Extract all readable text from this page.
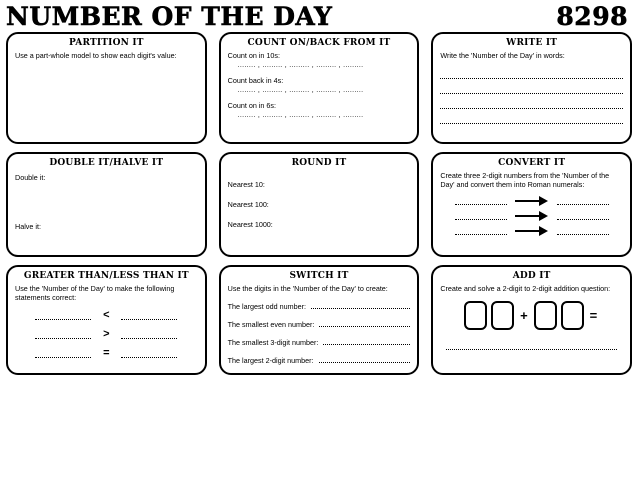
NUMBER OF THE DAY	8298
PARTITION IT
Use a part-whole model to show each digit's value:
COUNT ON/BACK FROM IT
Count on in 10s:
........ , ......... , ......... , ......... , .........
Count back in 4s:
........ , ......... , ......... , ......... , .........
Count on in 6s:
........ , ......... , ......... , ......... , .........
WRITE IT
Write the 'Number of the Day' in words:
DOUBLE IT/HALVE IT
Double it:
Halve it:
ROUND IT
Nearest 10:
Nearest 100:
Nearest 1000:
CONVERT IT
Create three 2-digit numbers from the 'Number of the Day' and convert them into Roman numerals:
GREATER THAN/LESS THAN IT
Use the 'Number of the Day' to make the following statements correct:
<
>
=
SWITCH IT
Use the digits in the 'Number of the Day' to create:
The largest odd number:
The smallest even number:
The smallest 3-digit number:
The largest 2-digit number:
ADD IT
Create and solve a 2-digit to 2-digit addition question:
+	=
